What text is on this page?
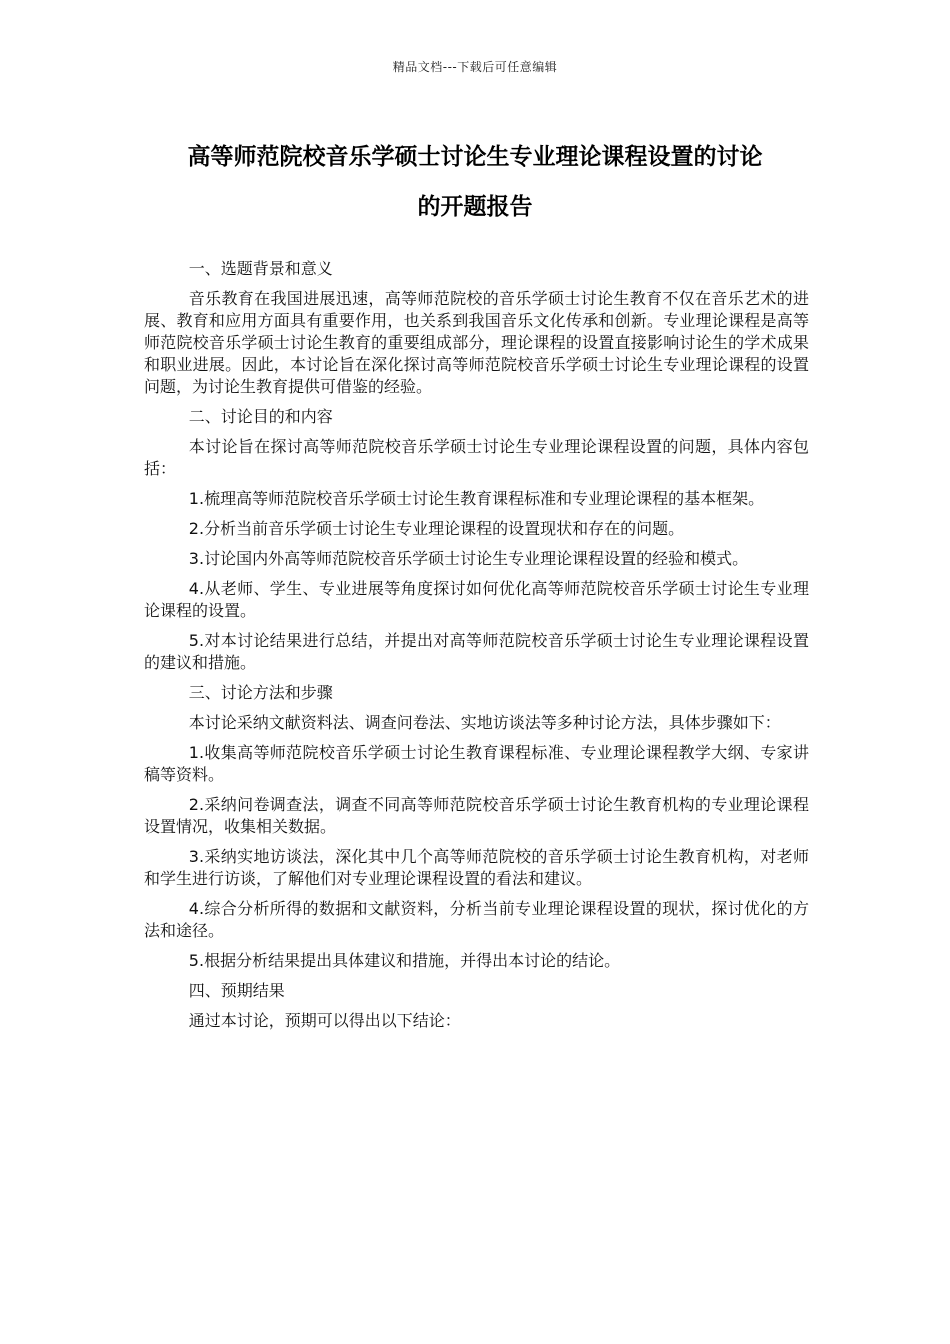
精品文档---下载后可任意编辑
高等师范院校音乐学硕士讨论生专业理论课程设置的讨论
的开题报告

一、选题背景和意义

音乐教育在我国进展迅速，高等师范院校的音乐学硕士讨论生教育不仅在音乐艺术的进展、教育和应用方面具有重要作用，也关系到我国音乐文化传承和创新。专业理论课程是高等师范院校音乐学硕士讨论生教育的重要组成部分，理论课程的设置直接影响讨论生的学术成果和职业进展。因此，本讨论旨在深化探讨高等师范院校音乐学硕士讨论生专业理论课程的设置问题，为讨论生教育提供可借鉴的经验。

二、讨论目的和内容

本讨论旨在探讨高等师范院校音乐学硕士讨论生专业理论课程设置的问题，具体内容包括：

1.梳理高等师范院校音乐学硕士讨论生教育课程标准和专业理论课程的基本框架。

2.分析当前音乐学硕士讨论生专业理论课程的设置现状和存在的问题。

3.讨论国内外高等师范院校音乐学硕士讨论生专业理论课程设置的经验和模式。

4.从老师、学生、专业进展等角度探讨如何优化高等师范院校音乐学硕士讨论生专业理论课程的设置。

5.对本讨论结果进行总结，并提出对高等师范院校音乐学硕士讨论生专业理论课程设置的建议和措施。

三、讨论方法和步骤

本讨论采纳文献资料法、调查问卷法、实地访谈法等多种讨论方法，具体步骤如下：

1.收集高等师范院校音乐学硕士讨论生教育课程标准、专业理论课程教学大纲、专家讲稿等资料。

2.采纳问卷调查法，调查不同高等师范院校音乐学硕士讨论生教育机构的专业理论课程设置情况，收集相关数据。

3.采纳实地访谈法，深化其中几个高等师范院校的音乐学硕士讨论生教育机构，对老师和学生进行访谈，了解他们对专业理论课程设置的看法和建议。

4.综合分析所得的数据和文献资料，分析当前专业理论课程设置的现状，探讨优化的方法和途径。

5.根据分析结果提出具体建议和措施，并得出本讨论的结论。

四、预期结果

通过本讨论，预期可以得出以下结论：
